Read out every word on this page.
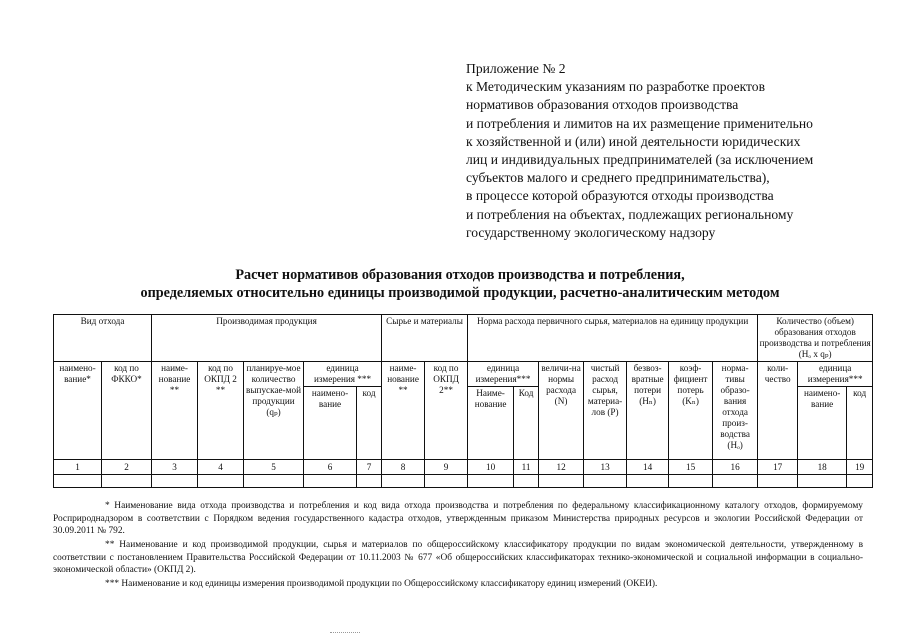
Приложение № 2
к Методическим указаниям по разработке проектов
нормативов образования отходов производства
и потребления и лимитов на их размещение применительно
к хозяйственной и (или) иной деятельности юридических
лиц и индивидуальных предпринимателей (за исключением
субъектов малого и среднего предпринимательства),
в процессе которой образуются отходы производства
и потребления на объектах, подлежащих региональному
государственному экологическому надзору
Расчет нормативов образования отходов производства и потребления,
определяемых относительно единицы производимой продукции, расчетно-аналитическим методом
Вид отхода		Производимая продукция					Сырье и материалы		Норма расхода первичного сырья, материалов на единицу продукции							Количество (объем) образования отходов производства и потребления (Hₒ x qₚ)		
наимено-вание*	код по ФККО*	наиме-нование **	код по ОКПД 2 **	планируе-мое количество выпускае-мой продукции (qₚ)	единица измерения ***		наиме-нование **	код по ОКПД 2**	единица измерения***		величи-на нормы расхода (N)	чистый расход сырья, материа-лов (P)	безвоз-вратные потери (Hₙ)	коэф-фициент потерь (Kₙ)	норма-тивы образо-вания отхода произ-водства (Hₒ)	коли-чество	единица измерения***	
					наимено-вание	код			Наиме-нование	Код							наимено-вание	код
1	2	3	4	5	6	7	8	9	10	11	12	13	14	15	16	17	18	19

* Наименование вида отхода производства и потребления и код вида отхода производства и потребления по федеральному классификационному каталогу отходов, формируемому Росприроднадзором в соответствии с Порядком ведения государственного кадастра отходов, утвержденным приказом Министерства природных ресурсов и экологии Российской Федерации от 30.09.2011 № 792.
** Наименование и код производимой продукции, сырья и материалов по общероссийскому классификатору продукции по видам экономической деятельности, утвержденному в соответствии с постановлением Правительства Российской Федерации от 10.11.2003 № 677 «Об общероссийских классификаторах технико-экономической и социальной информации в социально-экономической области» (ОКПД 2).
*** Наименование и код единицы измерения производимой продукции по Общероссийскому классификатору единиц измерений (ОКЕИ).
